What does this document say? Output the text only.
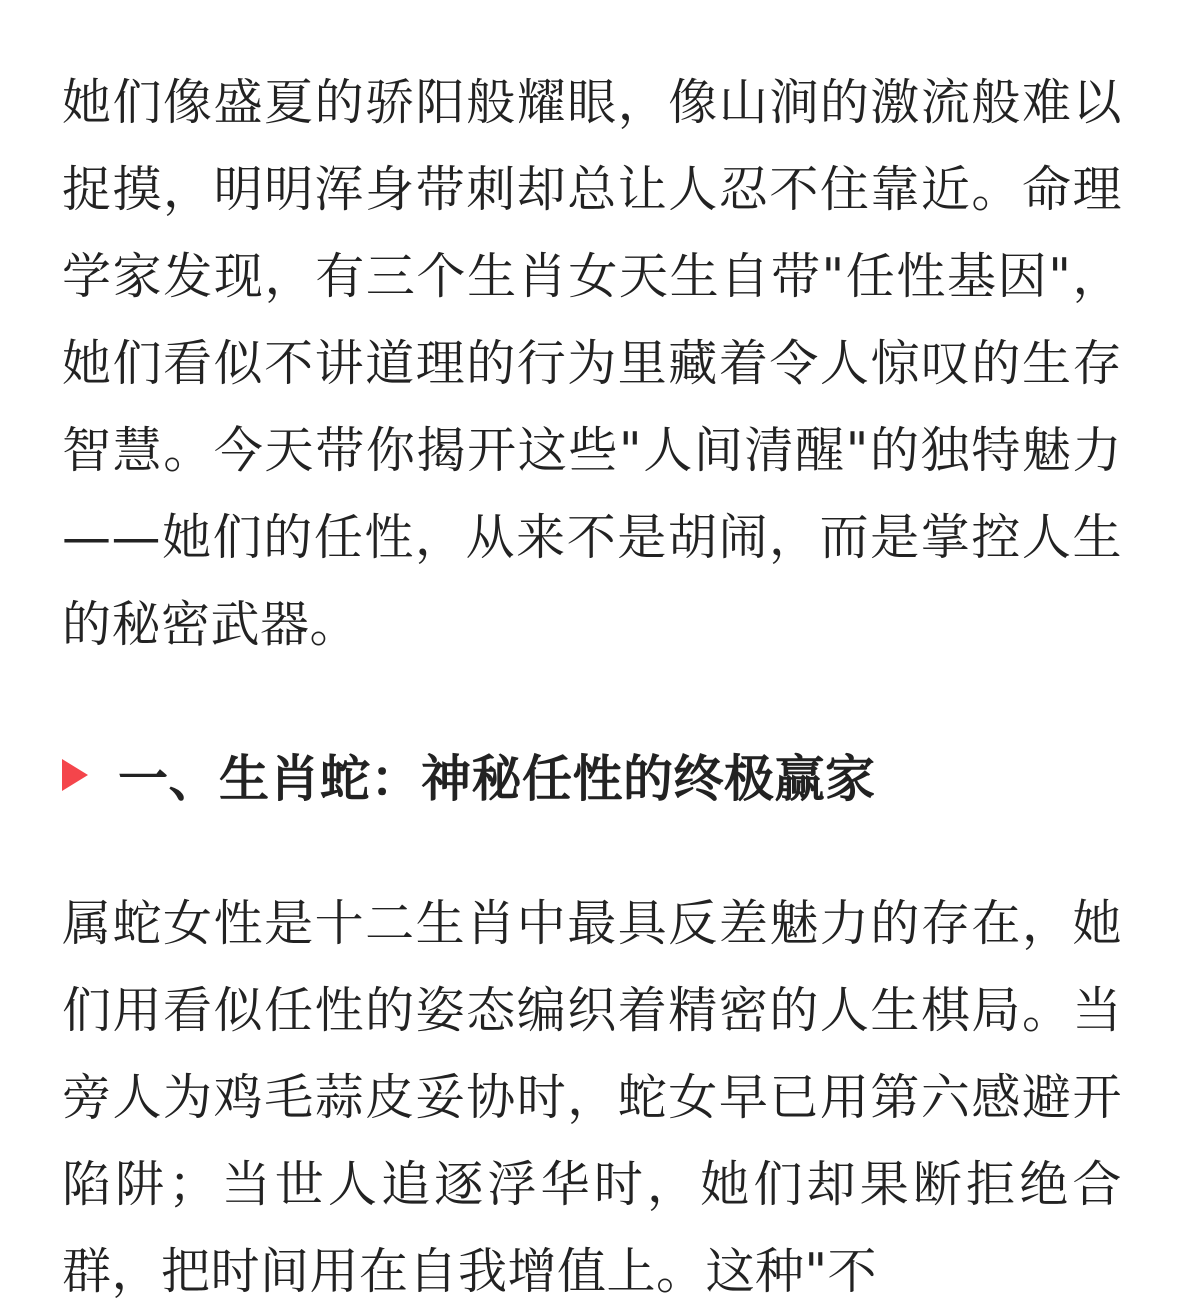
她们像盛夏的骄阳般耀眼，像山涧的激流般难以捉摸，明明浑身带刺却总让人忍不住靠近。命理学家发现，有三个生肖女天生自带"任性基因"，她们看似不讲道理的行为里藏着令人惊叹的生存智慧。今天带你揭开这些"人间清醒"的独特魅力——她们的任性，从来不是胡闹，而是掌控人生的秘密武器。

一、生肖蛇：神秘任性的终极赢家

属蛇女性是十二生肖中最具反差魅力的存在，她们用看似任性的姿态编织着精密的人生棋局。当旁人为鸡毛蒜皮妥协时，蛇女早已用第六感避开陷阱；当世人追逐浮华时，她们却果断拒绝合群，把时间用在自我增值上。这种"不
